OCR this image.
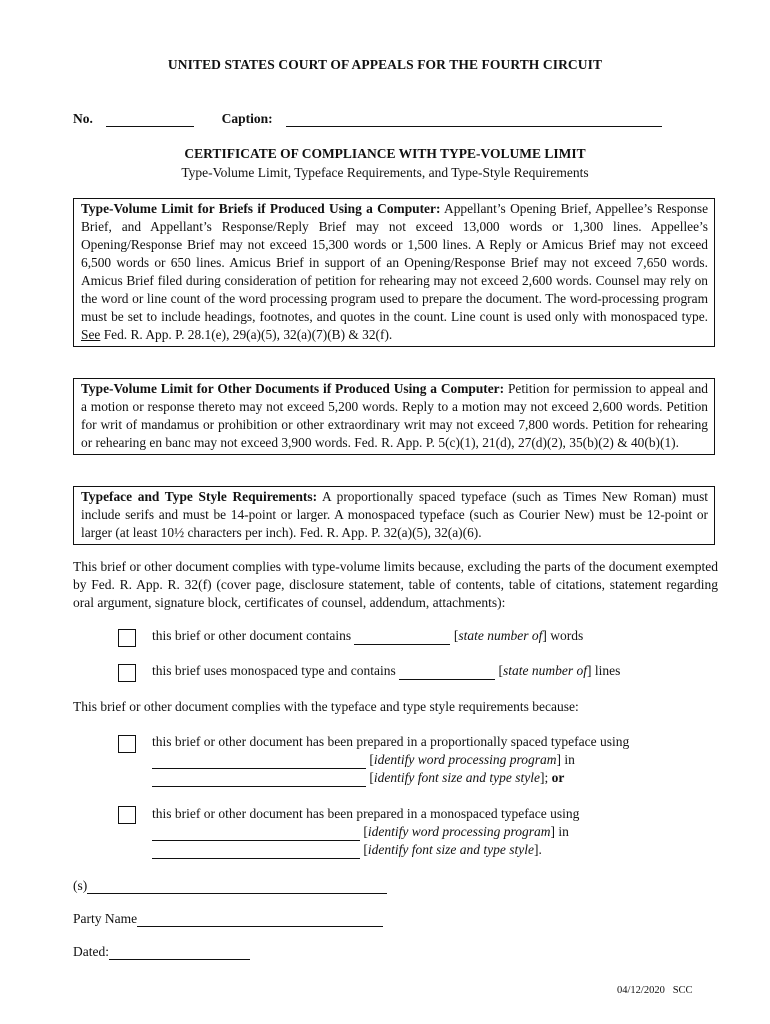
UNITED STATES COURT OF APPEALS FOR THE FOURTH CIRCUIT
No.	Caption:
CERTIFICATE OF COMPLIANCE WITH TYPE-VOLUME LIMIT
Type-Volume Limit, Typeface Requirements, and Type-Style Requirements
Type-Volume Limit for Briefs if Produced Using a Computer: Appellant’s Opening Brief, Appellee’s Response Brief, and Appellant’s Response/Reply Brief may not exceed 13,000 words or 1,300 lines. Appellee’s Opening/Response Brief may not exceed 15,300 words or 1,500 lines. A Reply or Amicus Brief may not exceed 6,500 words or 650 lines. Amicus Brief in support of an Opening/Response Brief may not exceed 7,650 words. Amicus Brief filed during consideration of petition for rehearing may not exceed 2,600 words. Counsel may rely on the word or line count of the word processing program used to prepare the document. The word-processing program must be set to include headings, footnotes, and quotes in the count. Line count is used only with monospaced type. See Fed. R. App. P. 28.1(e), 29(a)(5), 32(a)(7)(B) & 32(f).
Type-Volume Limit for Other Documents if Produced Using a Computer: Petition for permission to appeal and a motion or response thereto may not exceed 5,200 words. Reply to a motion may not exceed 2,600 words. Petition for writ of mandamus or prohibition or other extraordinary writ may not exceed 7,800 words. Petition for rehearing or rehearing en banc may not exceed 3,900 words. Fed. R. App. P. 5(c)(1), 21(d), 27(d)(2), 35(b)(2) & 40(b)(1).
Typeface and Type Style Requirements: A proportionally spaced typeface (such as Times New Roman) must include serifs and must be 14-point or larger. A monospaced typeface (such as Courier New) must be 12-point or larger (at least 10½ characters per inch). Fed. R. App. P. 32(a)(5), 32(a)(6).
This brief or other document complies with type-volume limits because, excluding the parts of the document exempted by Fed. R. App. R. 32(f) (cover page, disclosure statement, table of contents, table of citations, statement regarding oral argument, signature block, certificates of counsel, addendum, attachments):
this brief or other document contains	[state number of] words
this brief uses monospaced type and contains	[state number of] lines
This brief or other document complies with the typeface and type style requirements because:
this brief or other document has been prepared in a proportionally spaced typeface using
[identify word processing program] in
[identify font size and type style]; or
this brief or other document has been prepared in a monospaced typeface using
[identify word processing program] in
[identify font size and type style].
(s)
Party Name
Dated:
04/12/2020   SCC
